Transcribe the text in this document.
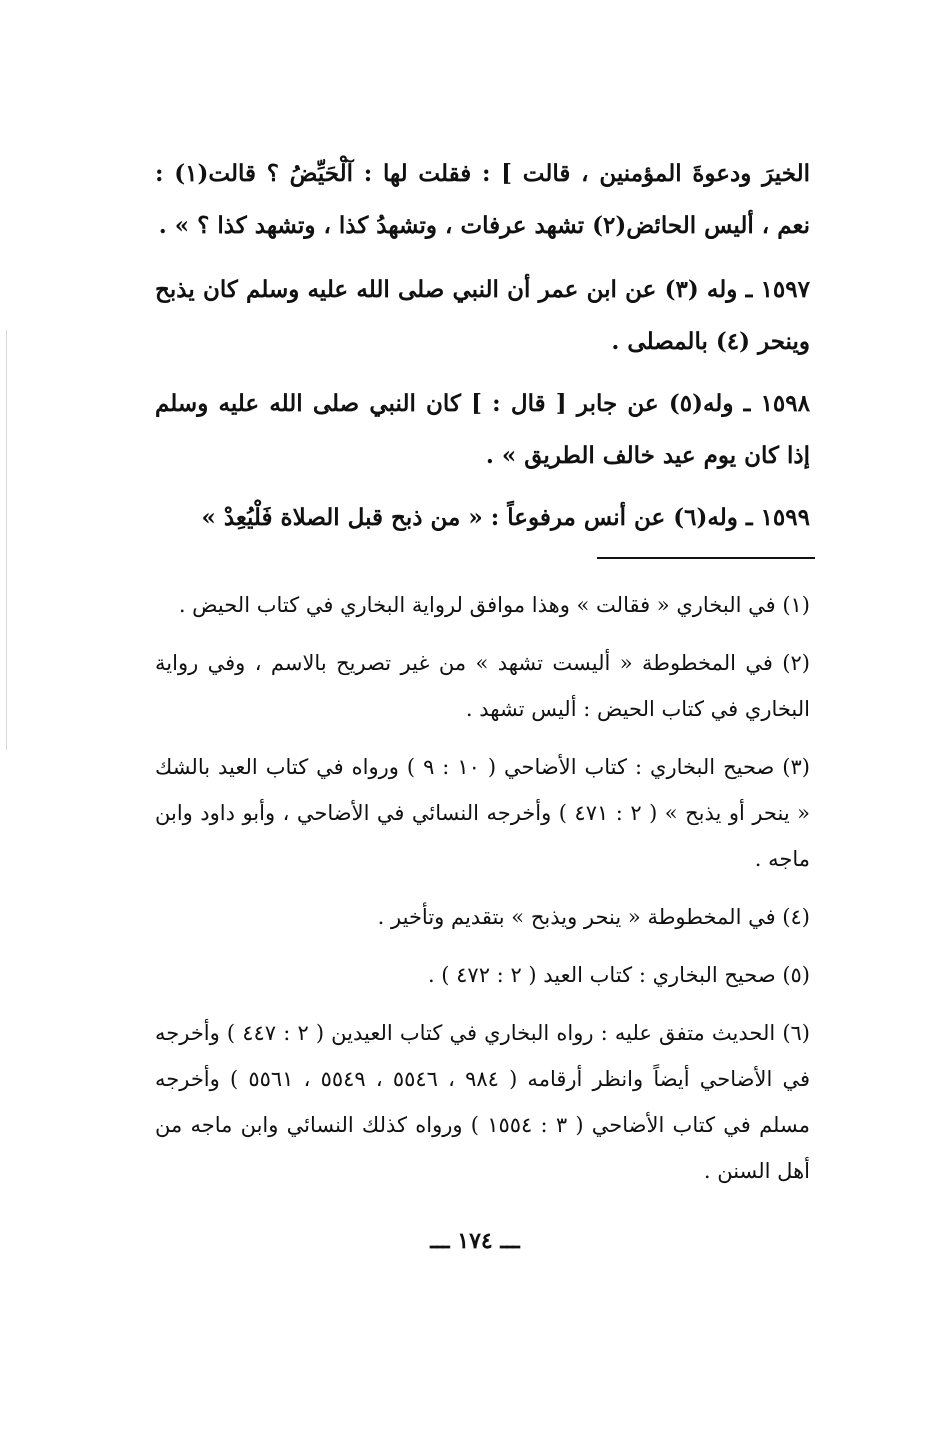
الخيرَ ودعوةَ المؤمنين ، قالت ] : فقلت لها : آلْحَيِّضُ ؟ قالت(١) : نعم ، أليس الحائض(٢) تشهد عرفات ، وتشهدُ كذا ، وتشهد كذا ؟ » .

١٥٩٧ ـ وله (٣) عن ابن عمر أن النبي صلى الله عليه وسلم كان يذبح وينحر (٤) بالمصلى .

١٥٩٨ ـ وله(٥) عن جابر [ قال : ] كان النبي صلى الله عليه وسلم إذا كان يوم عيد خالف الطريق » .

١٥٩٩ ـ وله(٦) عن أنس مرفوعاً : « من ذبح قبل الصلاة فَلْيُعِدْ »

(١) في البخاري « فقالت » وهذا موافق لرواية البخاري في كتاب الحيض .

(٢) في المخطوطة « أليست تشهد » من غير تصريح بالاسم ، وفي رواية البخاري في كتاب الحيض : أليس تشهد .

(٣) صحيح البخاري : كتاب الأضاحي ( ١٠ : ٩ ) ورواه في كتاب العيد بالشك « ينحر أو يذبح » ( ٢ : ٤٧١ ) وأخرجه النسائي في الأضاحي ، وأبو داود وابن ماجه .

(٤) في المخطوطة « ينحر ويذبح » بتقديم وتأخير .

(٥) صحيح البخاري : كتاب العيد ( ٢ : ٤٧٢ ) .

(٦) الحديث متفق عليه : رواه البخاري في كتاب العيدين ( ٢ : ٤٤٧ ) وأخرجه في الأضاحي أيضاً وانظر أرقامه ( ٩٨٤ ، ٥٥٤٦ ، ٥٥٤٩ ، ٥٥٦١ ) وأخرجه مسلم في كتاب الأضاحي ( ٣ : ١٥٥٤ ) ورواه كذلك النسائي وابن ماجه من أهل السنن .

ـــ ١٧٤ ـــ
